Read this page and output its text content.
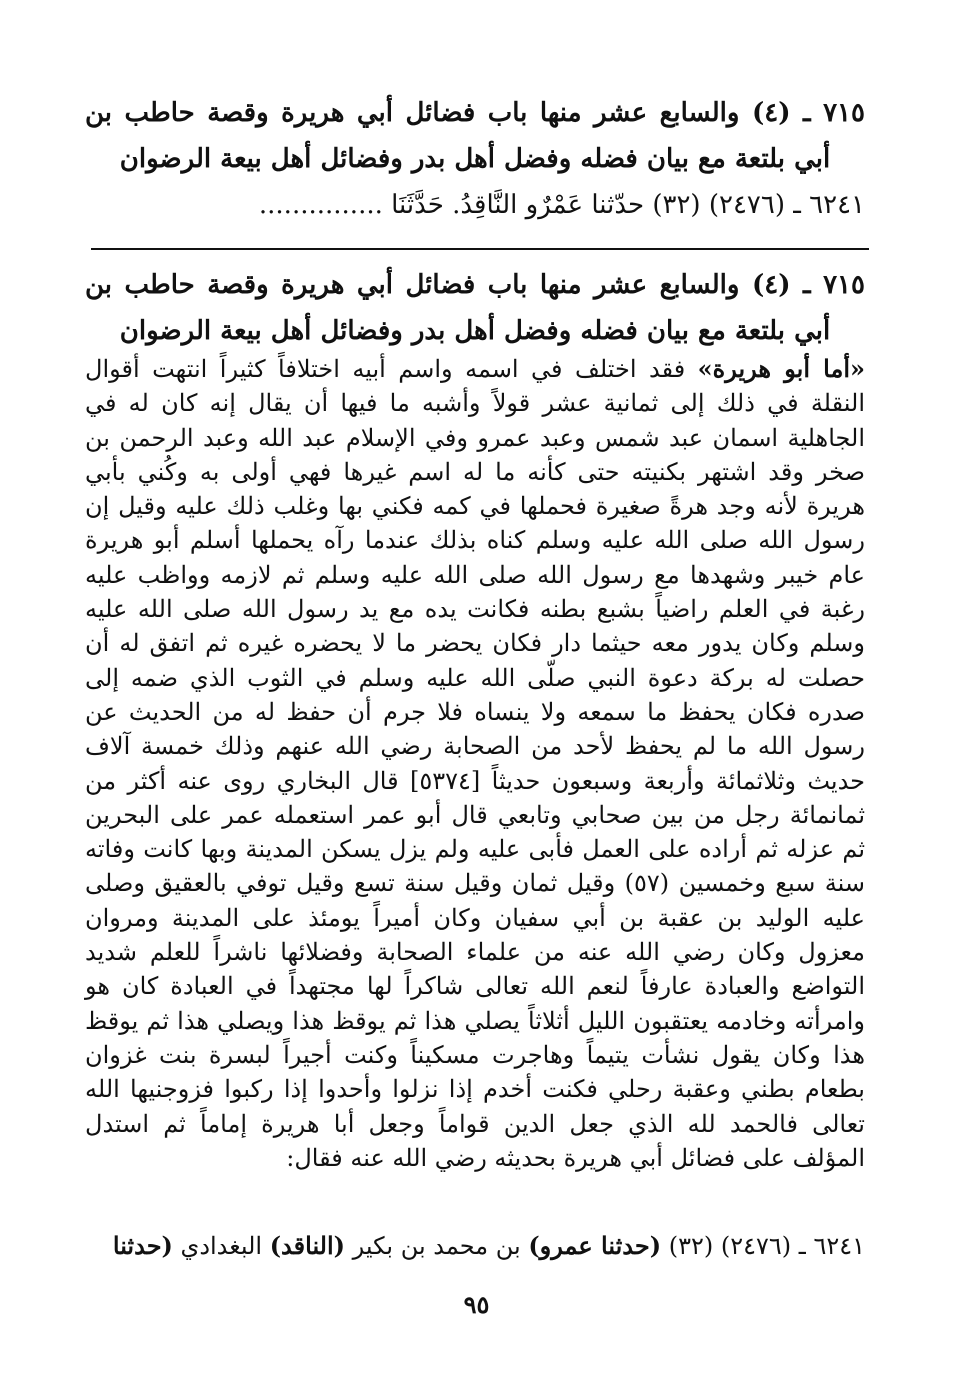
٧١٥ ـ (٤) والسابع عشر منها باب فضائل أبي هريرة وقصة حاطب بن أبي بلتعة مع بيان فضله وفضل أهل بدر وفضائل أهل بيعة الرضوان

٦٢٤١ ـ (٢٤٧٦) (٣٢) حدّثنا عَمْرٌو النَّاقِدُ. حَدَّثَنَا ...............

٧١٥ ـ (٤) والسابع عشر منها باب فضائل أبي هريرة وقصة حاطب بن أبي بلتعة مع بيان فضله وفضل أهل بدر وفضائل أهل بيعة الرضوان

«أما أبو هريرة» فقد اختلف في اسمه واسم أبيه اختلافاً كثيراً انتهت أقوال النقلة في ذلك إلى ثمانية عشر قولاً وأشبه ما فيها أن يقال إنه كان له في الجاهلية اسمان عبد شمس وعبد عمرو وفي الإسلام عبد الله وعبد الرحمن بن صخر وقد اشتهر بكنيته حتى كأنه ما له اسم غيرها فهي أولى به وكُني بأبي هريرة لأنه وجد هرةً صغيرة فحملها في كمه فكني بها وغلب ذلك عليه وقيل إن رسول الله صلى الله عليه وسلم كناه بذلك عندما رآه يحملها أسلم أبو هريرة عام خيبر وشهدها مع رسول الله صلى الله عليه وسلم ثم لازمه وواظب عليه رغبة في العلم راضياً بشبع بطنه فكانت يده مع يد رسول الله صلى الله عليه وسلم وكان يدور معه حيثما دار فكان يحضر ما لا يحضره غيره ثم اتفق له أن حصلت له بركة دعوة النبي صلّى الله عليه وسلم في الثوب الذي ضمه إلى صدره فكان يحفظ ما سمعه ولا ينساه فلا جرم أن حفظ له من الحديث عن رسول الله ما لم يحفظ لأحد من الصحابة رضي الله عنهم وذلك خمسة آلاف حديث وثلاثمائة وأربعة وسبعون حديثاً [٥٣٧٤] قال البخاري روى عنه أكثر من ثمانمائة رجل من بين صحابي وتابعي قال أبو عمر استعمله عمر على البحرين ثم عزله ثم أراده على العمل فأبى عليه ولم يزل يسكن المدينة وبها كانت وفاته سنة سبع وخمسين (٥٧) وقيل ثمان وقيل سنة تسع وقيل توفي بالعقيق وصلى عليه الوليد بن عقبة بن أبي سفيان وكان أميراً يومئذ على المدينة ومروان معزول وكان رضي الله عنه من علماء الصحابة وفضلائها ناشراً للعلم شديد التواضع والعبادة عارفاً لنعم الله تعالى شاكراً لها مجتهداً في العبادة كان هو وامرأته وخادمه يعتقبون الليل أثلاثاً يصلي هذا ثم يوقظ هذا ويصلي هذا ثم يوقظ هذا وكان يقول نشأت يتيماً وهاجرت مسكيناً وكنت أجيراً لبسرة بنت غزوان بطعام بطني وعقبة رحلي فكنت أخدم إذا نزلوا وأحدوا إذا ركبوا فزوجنيها الله تعالى فالحمد لله الذي جعل الدين قواماً وجعل أبا هريرة إماماً ثم استدل المؤلف على فضائل أبي هريرة بحديثه رضي الله عنه فقال:

٦٢٤١ ـ (٢٤٧٦) (٣٢) (حدثنا عمرو) بن محمد بن بكير (الناقد) البغدادي (حدثنا

٩٥
